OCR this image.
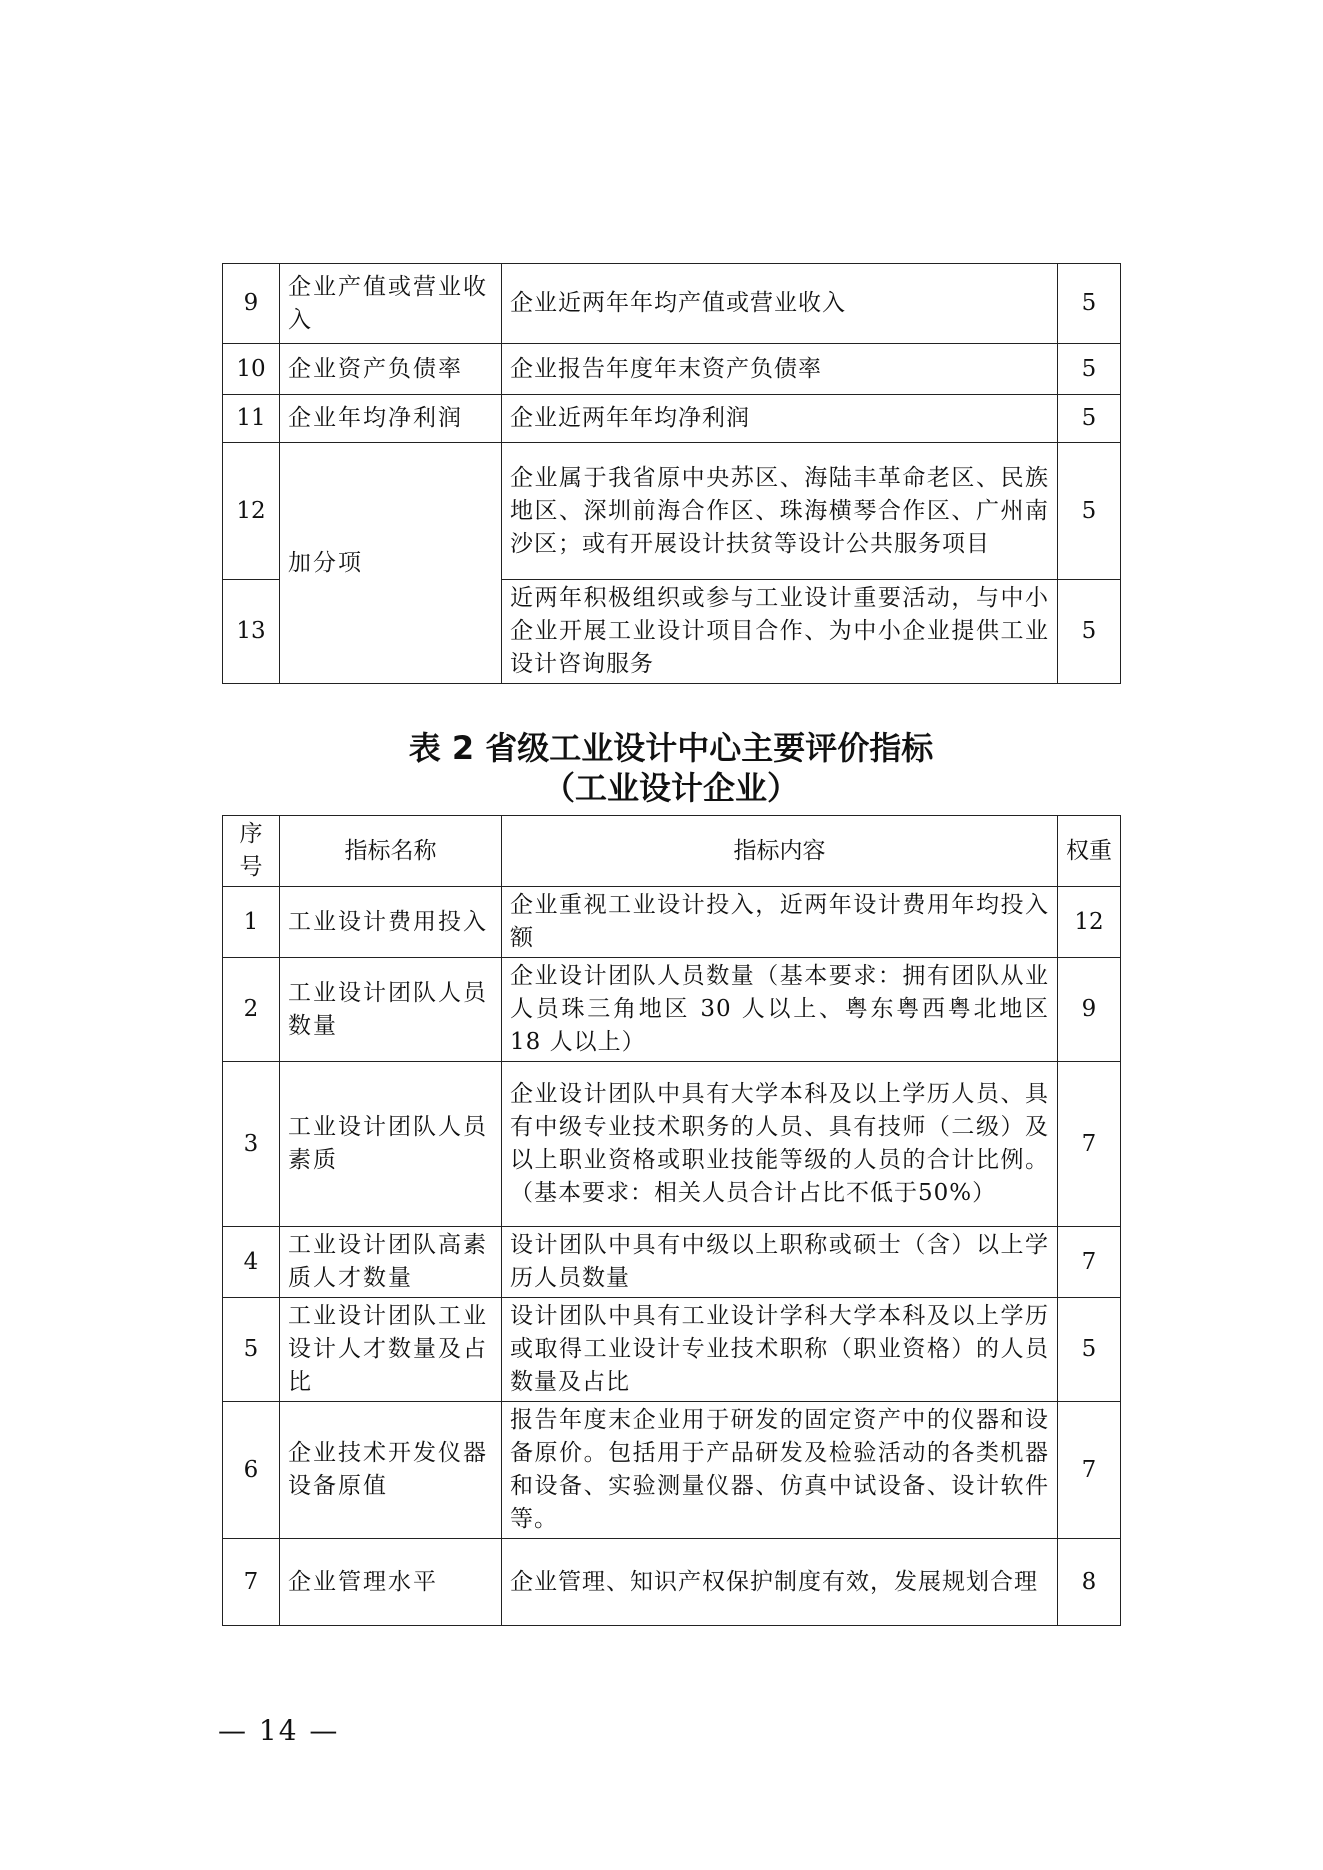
9	企业产值或营业收入	企业近两年年均产值或营业收入	5
10	企业资产负债率	企业报告年度年末资产负债率	5
11	企业年均净利润	企业近两年年均净利润	5
12	加分项	企业属于我省原中央苏区、海陆丰革命老区、民族地区、深圳前海合作区、珠海横琴合作区、广州南沙区；或有开展设计扶贫等设计公共服务项目	5
13		近两年积极组织或参与工业设计重要活动，与中小企业开展工业设计项目合作、为中小企业提供工业设计咨询服务	5
表 2 省级工业设计中心主要评价指标
（工业设计企业）
序号	指标名称	指标内容	权重
1	工业设计费用投入	企业重视工业设计投入，近两年设计费用年均投入额	12
2	工业设计团队人员数量	企业设计团队人员数量（基本要求：拥有团队从业人员珠三角地区 30 人以上、粤东粤西粤北地区 18 人以上）	9
3	工业设计团队人员素质	企业设计团队中具有大学本科及以上学历人员、具有中级专业技术职务的人员、具有技师（二级）及以上职业资格或职业技能等级的人员的合计比例。（基本要求：相关人员合计占比不低于50%）	7
4	工业设计团队高素质人才数量	设计团队中具有中级以上职称或硕士（含）以上学历人员数量	7
5	工业设计团队工业设计人才数量及占比	设计团队中具有工业设计学科大学本科及以上学历或取得工业设计专业技术职称（职业资格）的人员数量及占比	5
6	企业技术开发仪器设备原值	报告年度末企业用于研发的固定资产中的仪器和设备原价。包括用于产品研发及检验活动的各类机器和设备、实验测量仪器、仿真中试设备、设计软件等。	7
7	企业管理水平	企业管理、知识产权保护制度有效，发展规划合理	8
— 14 —
